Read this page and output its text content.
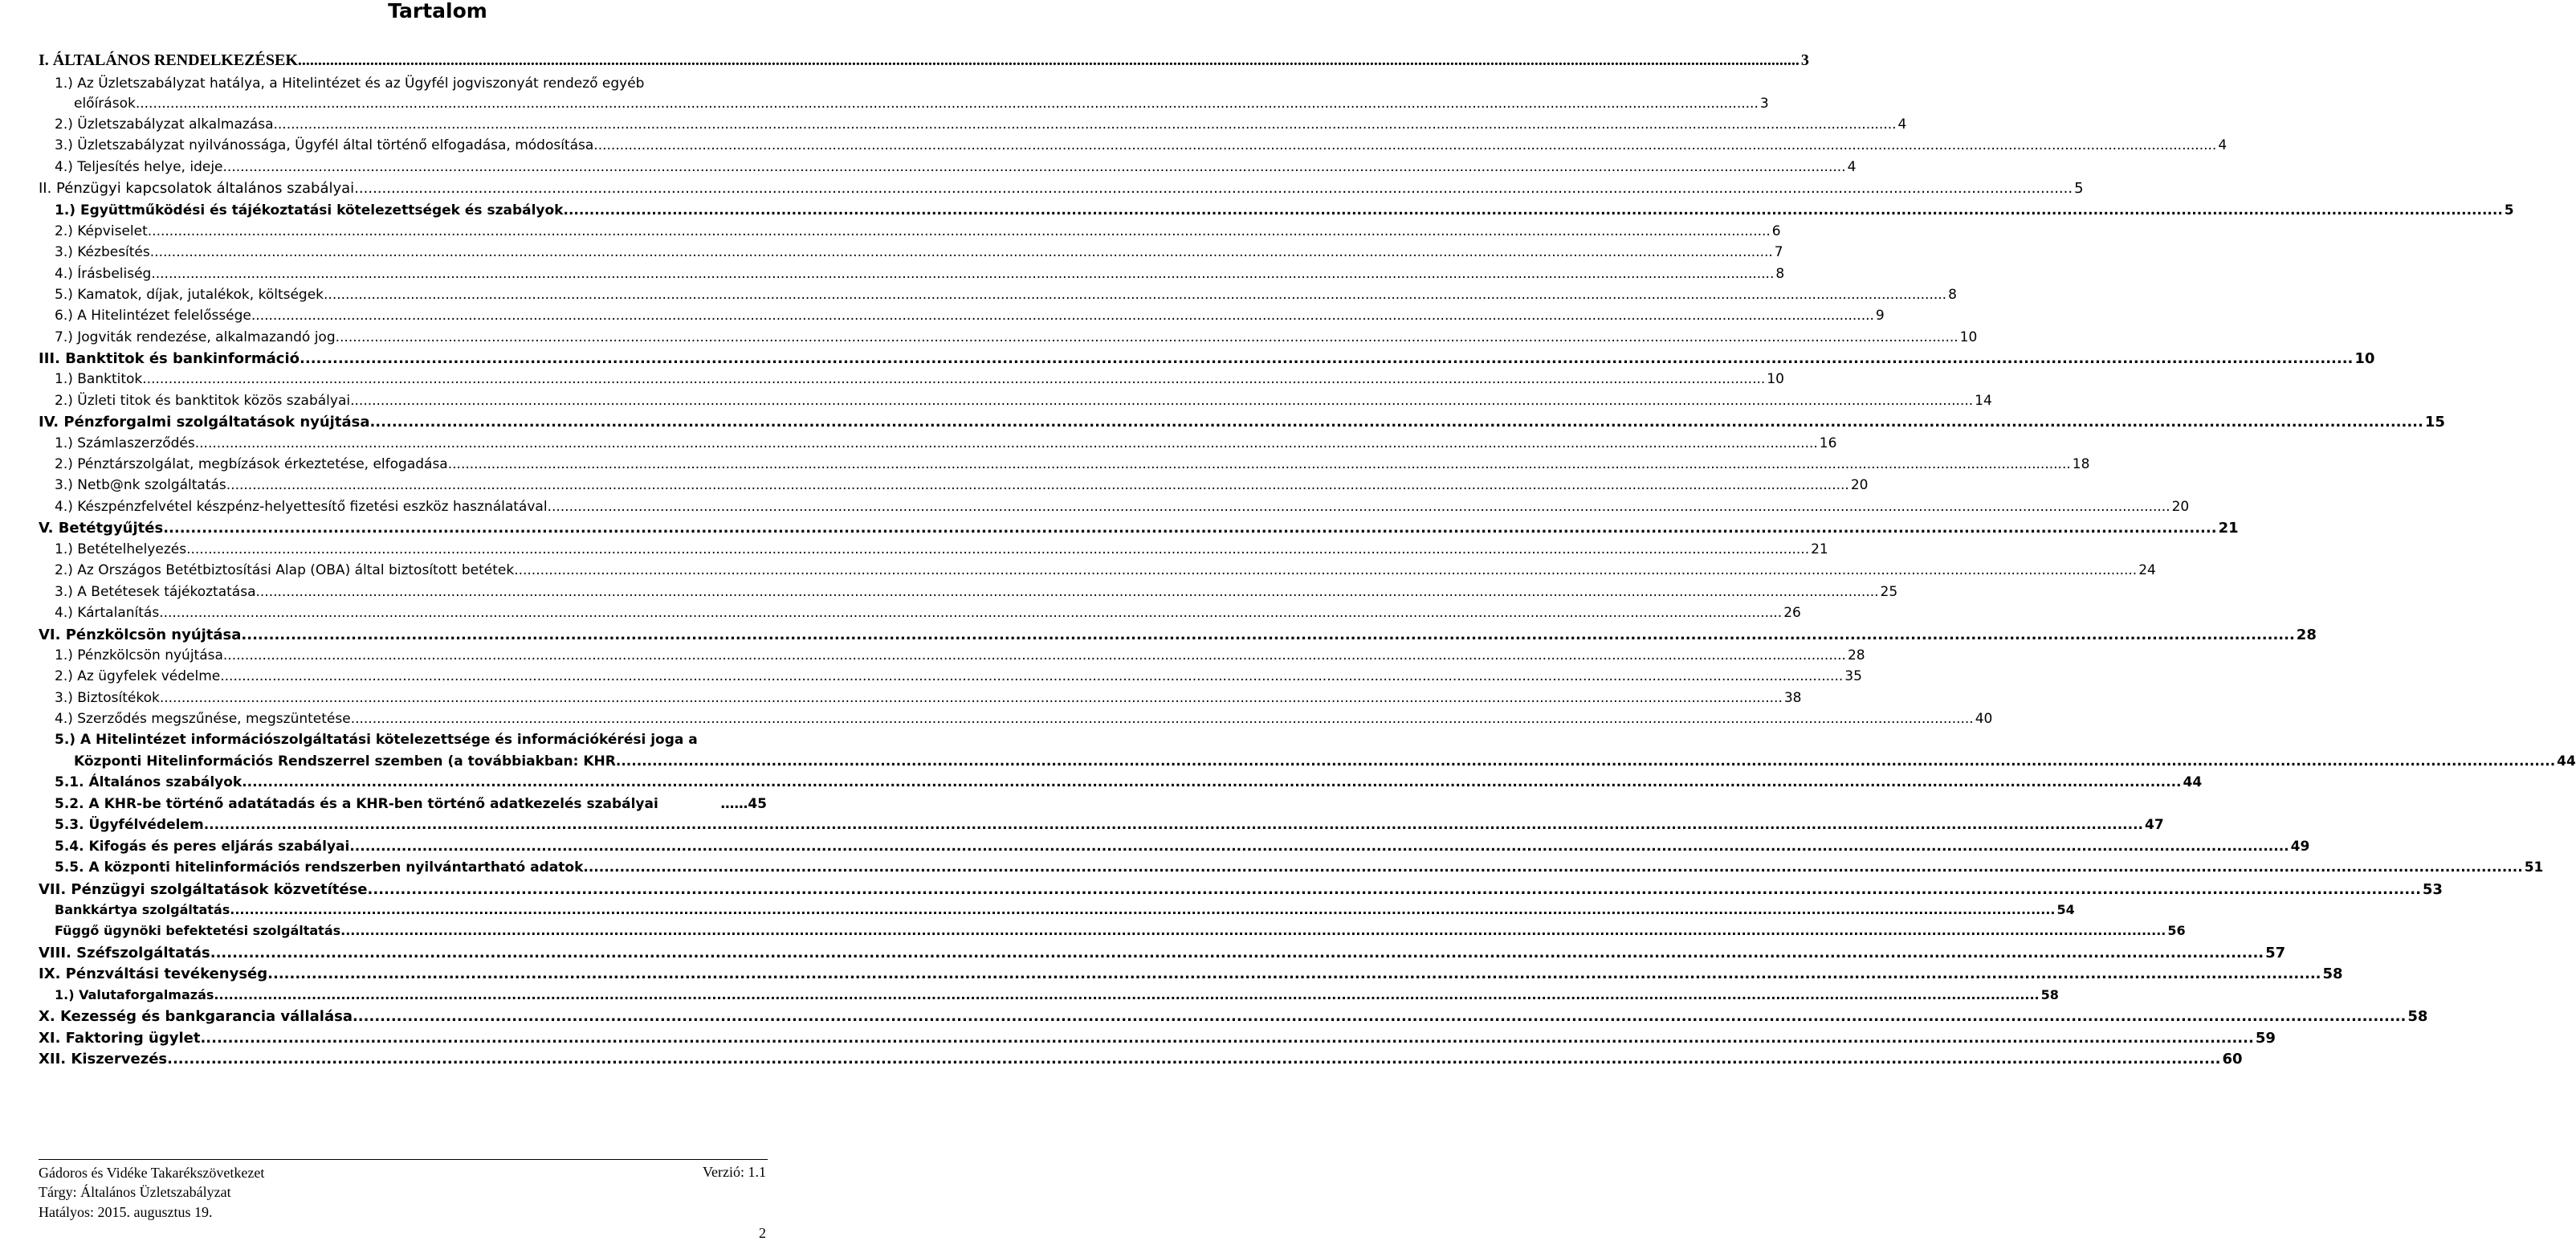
Tartalom
I. ÁLTALÁNOS RENDELKEZÉSEK .....	3
1.) Az Üzletszabályzat hatálya, a Hitelintézet és az Ügyfél jogviszonyát rendező egyéb
előírások .....	3
2.) Üzletszabályzat alkalmazása .....	4
3.) Üzletszabályzat nyilvánossága, Ügyfél által történő elfogadása, módosítása .....	4
4.) Teljesítés helye, ideje .....	4
II. Pénzügyi kapcsolatok általános szabályai .....	5
1.) Együttműködési és tájékoztatási kötelezettségek és szabályok .....	5
2.) Képviselet .....	6
3.) Kézbesítés .....	7
4.) Írásbeliség .....	8
5.) Kamatok, díjak, jutalékok, költségek .....	8
6.) A Hitelintézet felelőssége .....	9
7.) Jogviták rendezése, alkalmazandó jog .....	10
III. Banktitok és bankinformáció .....	10
1.) Banktitok .....	10
2.) Üzleti titok és banktitok közös szabályai .....	14
IV. Pénzforgalmi szolgáltatások nyújtása .....	15
1.) Számlaszerződés .....	16
2.) Pénztárszolgálat, megbízások érkeztetése, elfogadása .....	18
3.) Netb@nk szolgáltatás .....	20
4.) Készpénzfelvétel készpénz-helyettesítő fizetési eszköz használatával .....	20
V. Betétgyűjtés .....	21
1.) Betételhelyezés .....	21
2.) Az Országos Betétbiztosítási Alap (OBA) által biztosított betétek .....	24
3.) A Betétesek tájékoztatása .....	25
4.) Kártalanítás .....	26
VI. Pénzkölcsön nyújtása .....	28
1.) Pénzkölcsön nyújtása .....	28
2.) Az ügyfelek védelme .....	35
3.) Biztosítékok .....	38
4.) Szerződés megszűnése, megszüntetése .....	40
5.) A Hitelintézet információszolgáltatási kötelezettsége és információkérési joga a
Központi Hitelinformációs Rendszerrel szemben (a továbbiakban: KHR .....	44
5.1. Általános szabályok .....	44
5.2. A KHR-be történő adatátadás és a KHR-ben történő adatkezelés szabályai	……45
5.3. Ügyfélvédelem .....	47
5.4. Kifogás és peres eljárás szabályai .....	49
5.5. A központi hitelinformációs rendszerben nyilvántartható adatok .....	51
VII. Pénzügyi szolgáltatások közvetítése .....	53
Bankkártya szolgáltatás .....	54
Függő ügynöki befektetési szolgáltatás .....	56
VIII. Széfszolgáltatás .....	57
IX. Pénzváltási tevékenység .....	58
1.) Valutaforgalmazás .....	58
X. Kezesség és bankgarancia vállalása .....	58
XI. Faktoring ügylet .....	59
XII. Kiszervezés .....	60
Gádoros és Vidéke Takarékszövetkezet
Tárgy: Általános Üzletszabályzat
Hatályos: 2015. augusztus 19.
Verzió: 1.1
2
